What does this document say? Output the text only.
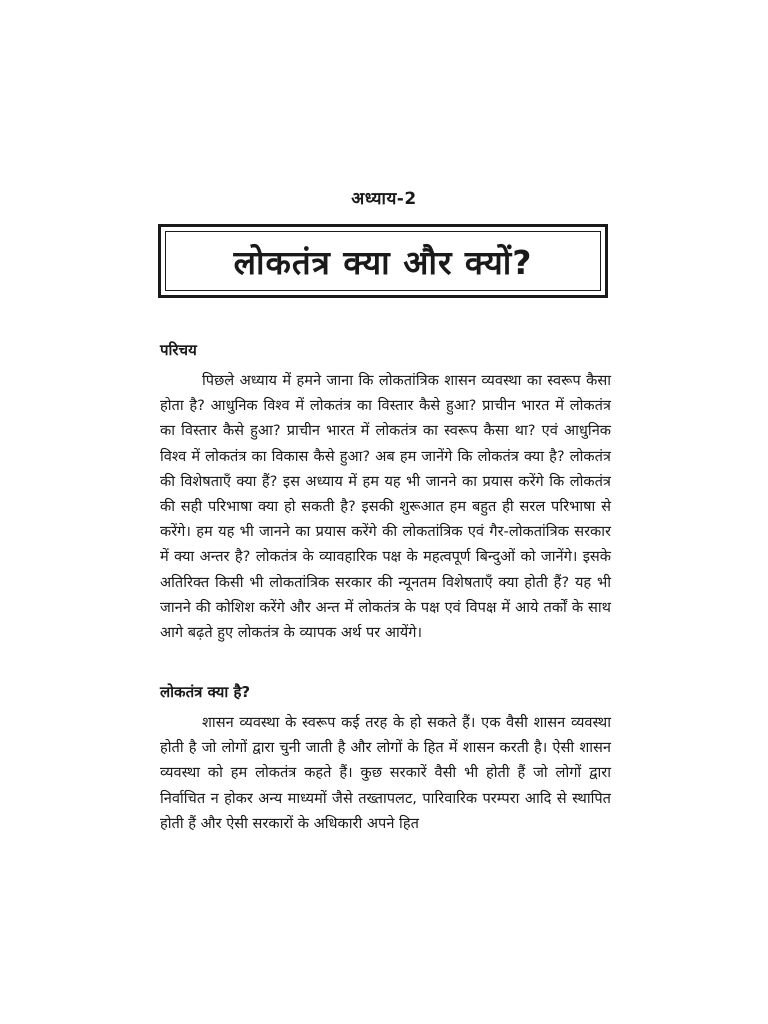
अध्याय-2
लोकतंत्र क्या और क्यों?
परिचय

पिछले अध्याय में हमने जाना कि लोकतांत्रिक शासन व्यवस्था का स्वरूप कैसा होता है? आधुनिक विश्व में लोकतंत्र का विस्तार कैसे हुआ? प्राचीन भारत में लोकतंत्र का विस्तार कैसे हुआ? प्राचीन भारत में लोकतंत्र का स्वरूप कैसा था? एवं आधुनिक विश्व में लोकतंत्र का विकास कैसे हुआ? अब हम जानेंगे कि लोकतंत्र क्या है? लोकतंत्र की विशेषताएँ क्या हैं? इस अध्याय में हम यह भी जानने का प्रयास करेंगे कि लोकतंत्र की सही परिभाषा क्या हो सकती है? इसकी शुरूआत हम बहुत ही सरल परिभाषा से करेंगे। हम यह भी जानने का प्रयास करेंगे की लोकतांत्रिक एवं गैर-लोकतांत्रिक सरकार में क्या अन्तर है? लोकतंत्र के व्यावहारिक पक्ष के महत्वपूर्ण बिन्दुओं को जानेंगे। इसके अतिरिक्त किसी भी लोकतांत्रिक सरकार की न्यूनतम विशेषताएँ क्या होती हैं? यह भी जानने की कोशिश करेंगे और अन्त में लोकतंत्र के पक्ष एवं विपक्ष में आये तर्कों के साथ आगे बढ़ते हुए लोकतंत्र के व्यापक अर्थ पर आयेंगे।

लोकतंत्र क्या है?

शासन व्यवस्था के स्वरूप कई तरह के हो सकते हैं। एक वैसी शासन व्यवस्था होती है जो लोगों द्वारा चुनी जाती है और लोगों के हित में शासन करती है। ऐसी शासन व्यवस्था को हम लोकतंत्र कहते हैं। कुछ सरकारें वैसी भी होती हैं जो लोगों द्वारा निर्वाचित न होकर अन्य माध्यमों जैसे तख्तापलट, पारिवारिक परम्परा आदि से स्थापित होती हैं और ऐसी सरकारों के अधिकारी अपने हित
